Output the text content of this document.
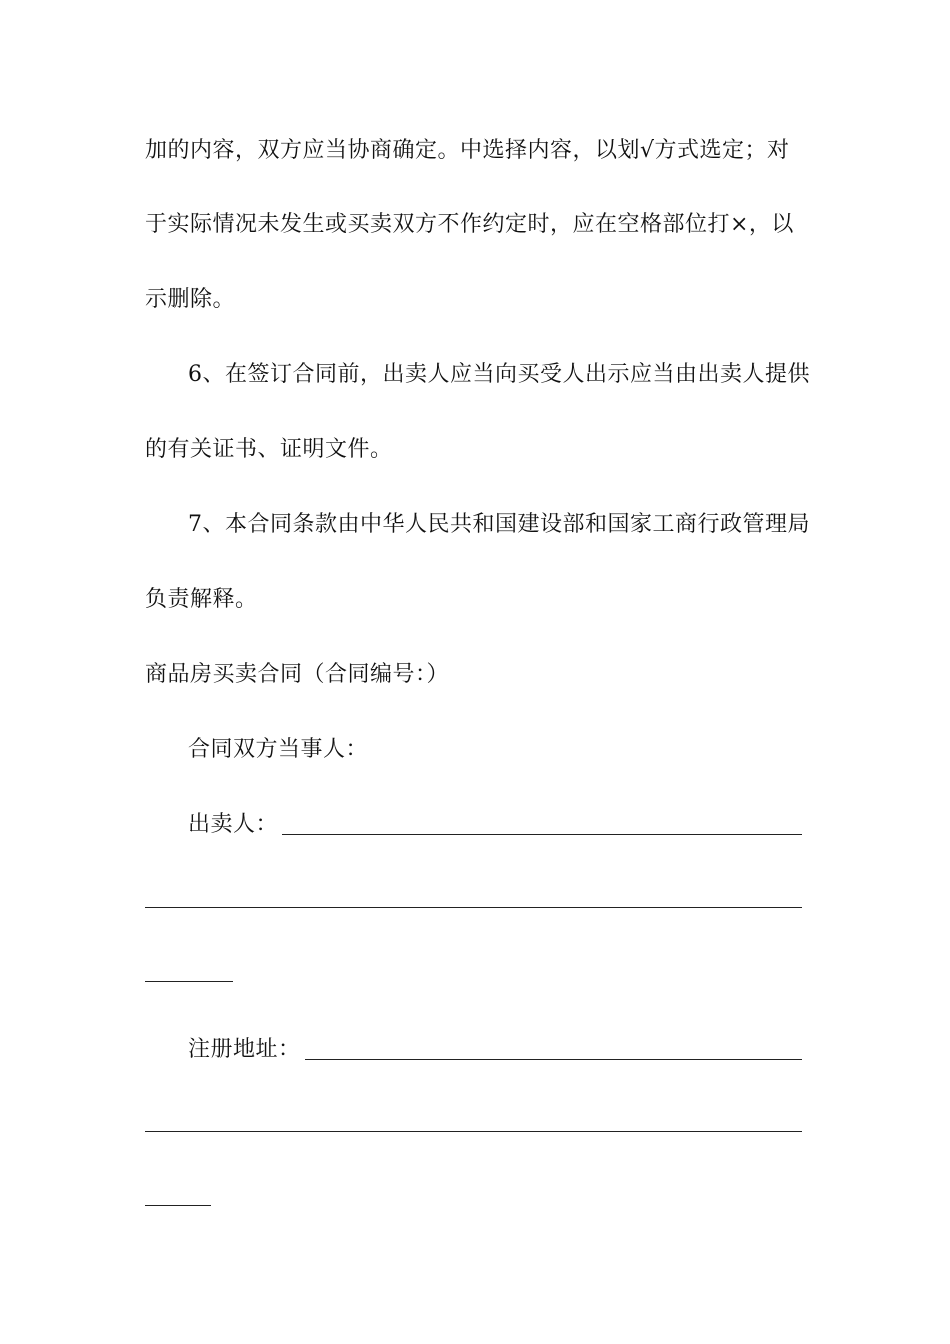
加的内容，双方应当协商确定。中选择内容，以划√方式选定；对
于实际情况未发生或买卖双方不作约定时，应在空格部位打×，以
示删除。
6、在签订合同前，出卖人应当向买受人出示应当由出卖人提供
的有关证书、证明文件。
7、本合同条款由中华人民共和国建设部和国家工商行政管理局
负责解释。
商品房买卖合同（合同编号：）
合同双方当事人：
出卖人：
注册地址：
